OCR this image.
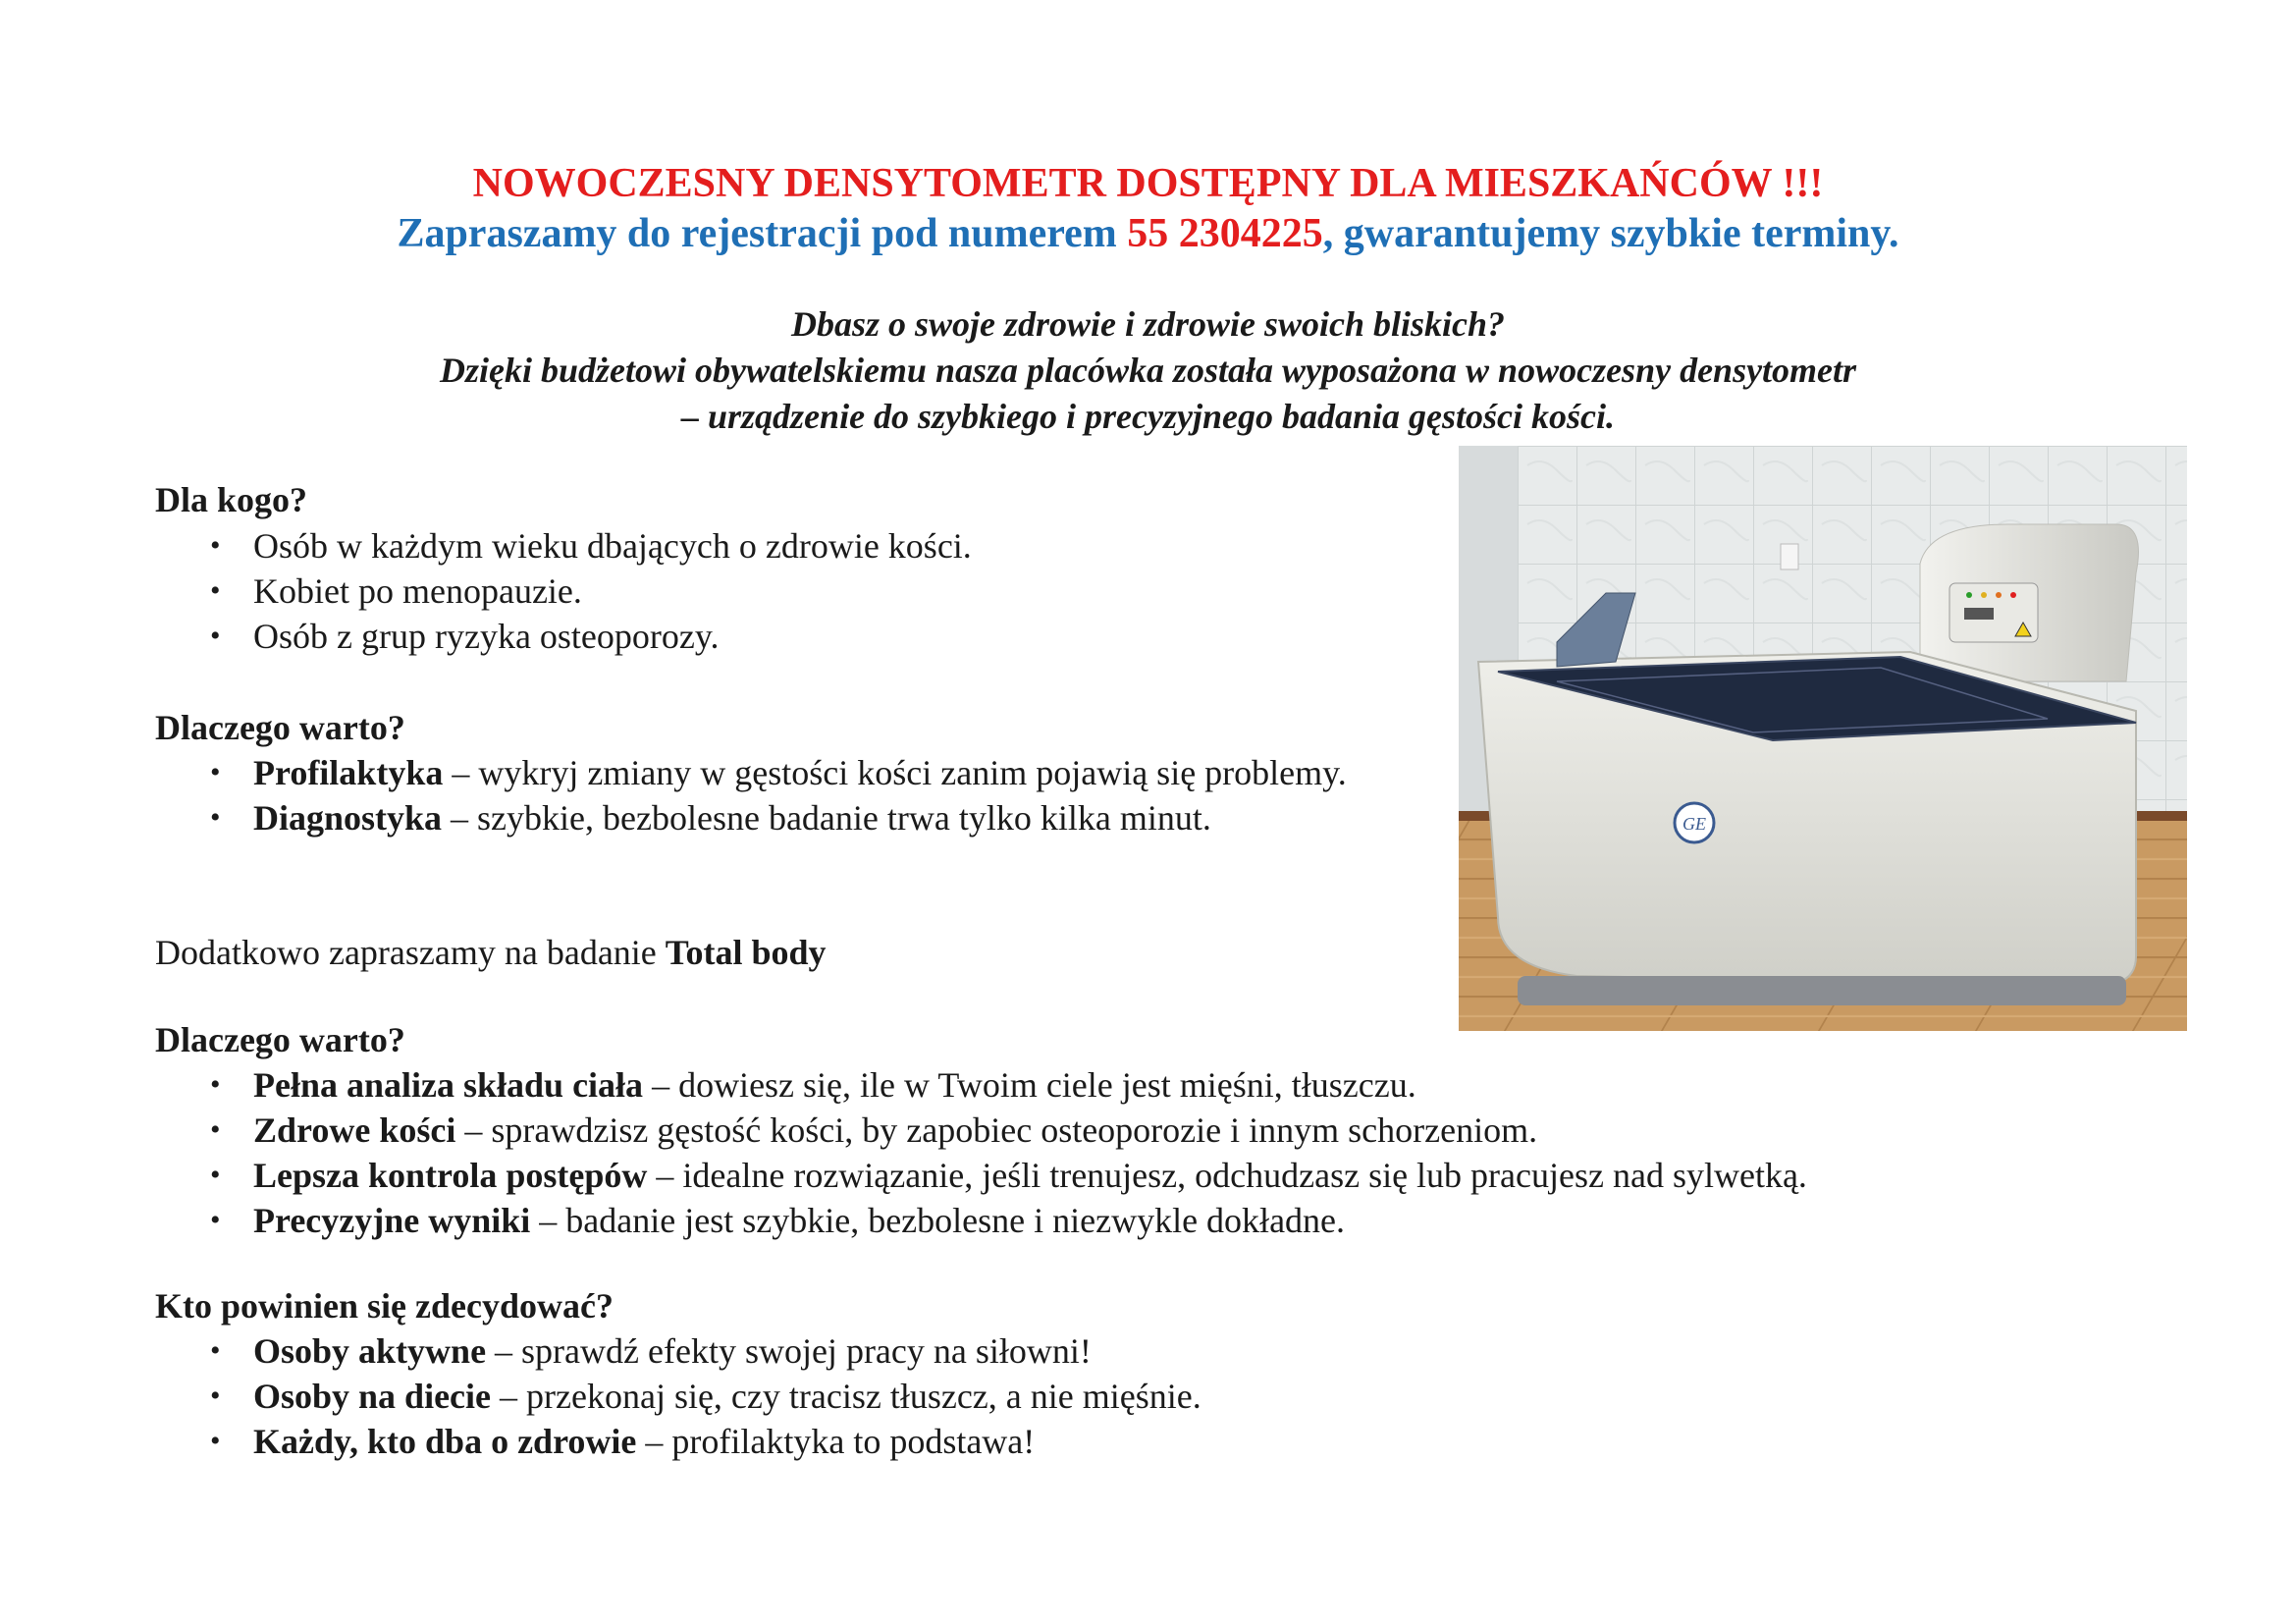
NOWOCZESNY DENSYTOMETR DOSTĘPNY DLA MIESZKAŃCÓW !!!
Zapraszamy do rejestracji pod numerem 55 2304225, gwarantujemy szybkie terminy.
Dbasz o swoje zdrowie i zdrowie swoich bliskich?
Dzięki budżetowi obywatelskiemu nasza placówka została wyposażona w nowoczesny densytometr
– urządzenie do szybkiego i precyzyjnego badania gęstości kości.
Dla kogo?
• Osób w każdym wieku dbających o zdrowie kości.
• Kobiet po menopauzie.
• Osób z grup ryzyka osteoporozy.
Dlaczego warto?
• Profilaktyka – wykryj zmiany w gęstości kości zanim pojawią się problemy.
• Diagnostyka – szybkie, bezbolesne badanie trwa tylko kilka minut.
Dodatkowo zapraszamy na badanie Total body
Dlaczego warto?
• Pełna analiza składu ciała – dowiesz się, ile w Twoim ciele jest mięśni, tłuszczu.
• Zdrowe kości – sprawdzisz gęstość kości, by zapobiec osteoporozie i innym schorzeniom.
• Lepsza kontrola postępów – idealne rozwiązanie, jeśli trenujesz, odchudzasz się lub pracujesz nad sylwetką.
• Precyzyjne wyniki – badanie jest szybkie, bezbolesne i niezwykle dokładne.
Kto powinien się zdecydować?
• Osoby aktywne – sprawdź efekty swojej pracy na siłowni!
• Osoby na diecie – przekonaj się, czy tracisz tłuszcz, a nie mięśnie.
• Każdy, kto dba o zdrowie – profilaktyka to podstawa!
GE
